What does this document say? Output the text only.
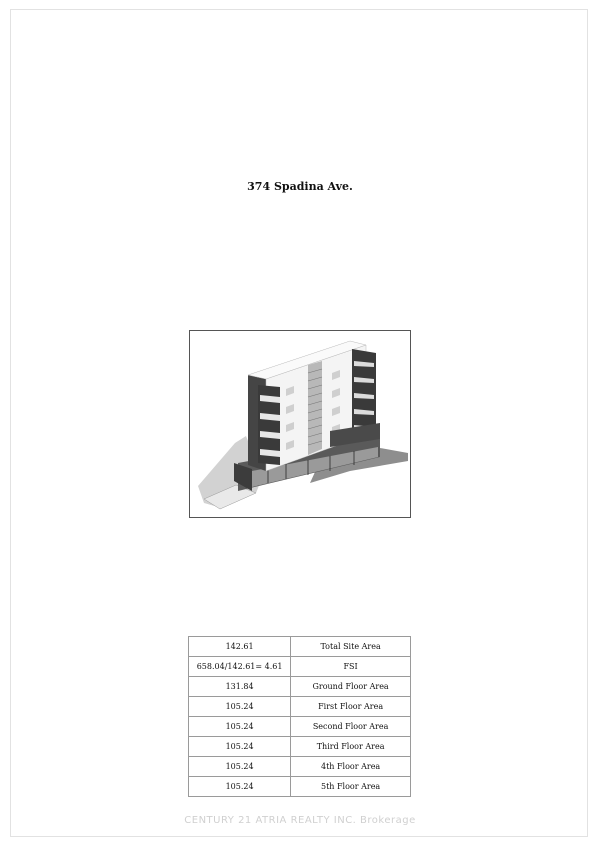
374 Spadina Ave.
142.61	Total Site Area
658.04/142.61= 4.61	FSI
131.84	Ground Floor Area
105.24	First Floor Area
105.24	Second Floor Area
105.24	Third Floor Area
105.24	4th Floor Area
105.24	5th Floor Area
CENTURY 21 ATRIA REALTY INC. Brokerage
